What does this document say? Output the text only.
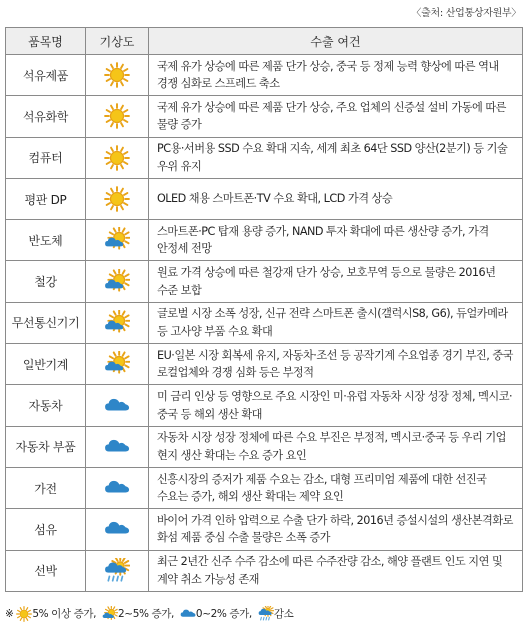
〈출처: 산업통상자원부〉
품목명	기상도	수출 여건
석유제품		국제 유가 상승에 따른 제품 단가 상승, 중국 등 정제 능력 향상에 따른 역내 경쟁 심화로 스프레드 축소
석유화학		국제 유가 상승에 따른 제품 단가 상승, 주요 업체의 신증설 설비 가동에 따른 물량 증가
컴퓨터		PC용·서버용 SSD 수요 확대 지속, 세계 최초 64단 SSD 양산(2분기) 등 기술 우위 유지
평판 DP		OLED 채용 스마트폰·TV 수요 확대, LCD 가격 상승
반도체		스마트폰·PC 탑재 용량 증가, NAND 투자 확대에 따른 생산량 증가, 가격 안정세 전망
철강		원료 가격 상승에 따른 철강재 단가 상승, 보호무역 등으로 물량은 2016년 수준 보합
무선통신기기		글로벌 시장 소폭 성장, 신규 전략 스마트폰 출시(갤럭시S8, G6), 듀얼카메라 등 고사양 부품 수요 확대
일반기계		EU·일본 시장 회복세 유지, 자동차·조선 등 공작기계 수요업종 경기 부진, 중국 로컬업체와 경쟁 심화 등은 부정적
자동차		미 금리 인상 등 영향으로 주요 시장인 미·유럽 자동차 시장 성장 정체, 멕시코·중국 등 해외 생산 확대
자동차 부품		자동차 시장 성장 정체에 따른 수요 부진은 부정적, 멕시코·중국 등 우리 기업 현지 생산 확대는 수요 증가 요인
가전		신흥시장의 증저가 제품 수요는 감소, 대형 프리미엄 제품에 대한 선진국 수요는 증가, 해외 생산 확대는 제약 요인
섬유		바이어 가격 인하 압력으로 수출 단가 하락, 2016년 증설시설의 생산본격화로 화섬 제품 중심 수출 물량은 소폭 증가
선박		최근 2년간 신주 수주 감소에 따른 수주잔량 감소, 해양 플랜트 인도 지연 및 계약 취소 가능성 존재
※ 5% 이상 증가, 2~5% 증가, 0~2% 증가, 감소
